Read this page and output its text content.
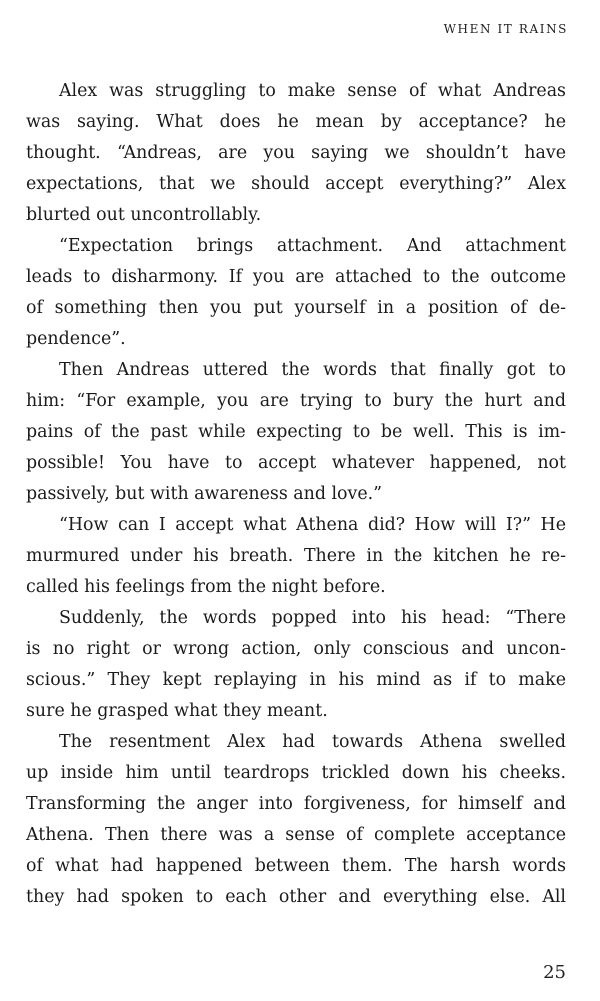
WHEN IT RAINS
Alex was struggling to make sense of what Andreas
was saying. What does he mean by acceptance? he
thought. “Andreas, are you saying we shouldn’t have
expectations, that we should accept everything?” Alex
blurted out uncontrollably.
“Expectation brings attachment. And attachment
leads to disharmony. If you are attached to the outcome
of something then you put yourself in a position of de-
pendence”.
Then Andreas uttered the words that finally got to
him: “For example, you are trying to bury the hurt and
pains of the past while expecting to be well. This is im-
possible! You have to accept whatever happened, not
passively, but with awareness and love.”
“How can I accept what Athena did? How will I?” He
murmured under his breath. There in the kitchen he re-
called his feelings from the night before.
Suddenly, the words popped into his head: “There
is no right or wrong action, only conscious and uncon-
scious.” They kept replaying in his mind as if to make
sure he grasped what they meant.
The resentment Alex had towards Athena swelled
up inside him until teardrops trickled down his cheeks.
Transforming the anger into forgiveness, for himself and
Athena. Then there was a sense of complete acceptance
of what had happened between them. The harsh words
they had spoken to each other and everything else. All
25
